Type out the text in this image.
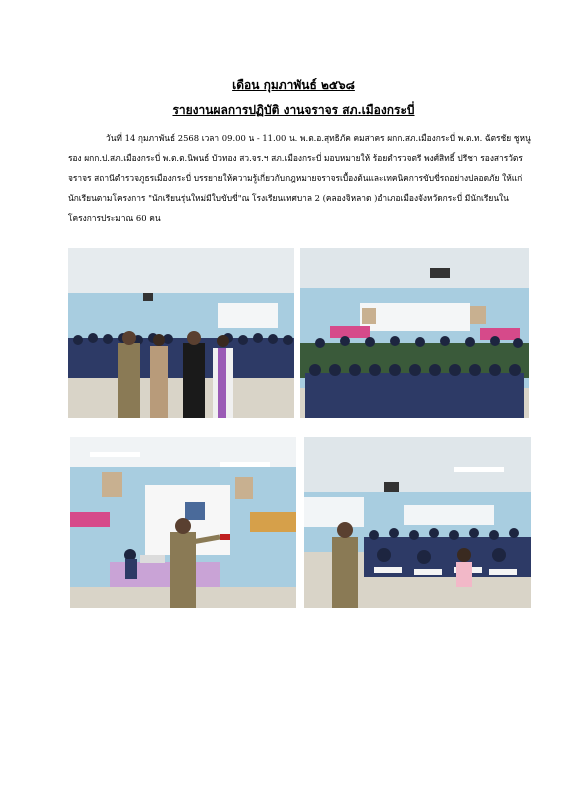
เดือน กุมภาพันธ์ ๒๕๖๘
รายงานผลการปฏิบัติ งานจราจร สภ.เมืองกระบี่

วันที่ 14 กุมภาพันธ์ 2568 เวลา 09.00 น - 11.00 น. พ.ต.อ.สุทธิภัค คมสาคร ผกก.สภ.เมืองกระบี่ พ.ต.ท. ฉัตรชัย ชูหนู รอง ผกก.ป.สภ.เมืองกระบี่ พ.ต.ต.นิพนธ์ บัวทอง สว.จร.ฯ สภ.เมืองกระบี่ มอบหมายให้ ร้อยตำรวจตรี พงศ์สิทธิ์ ปรีชา รองสารวัตรจราจร สถานีตำรวจภูธรเมืองกระบี่ บรรยายให้ความรู้เกี่ยวกับกฎหมายจราจรเบื้องต้นและเทคนิคการขับขี่รถอย่างปลอดภัย ให้แก่นักเรียนตามโครงการ "นักเรียนรุ่นใหม่มีใบขับขี่"ณ โรงเรียนเทศบาล 2 (คลองจิหลาด )อำเภอเมืองจังหวัดกระบี่ มีนักเรียนในโครงการประมาณ 60 คน
